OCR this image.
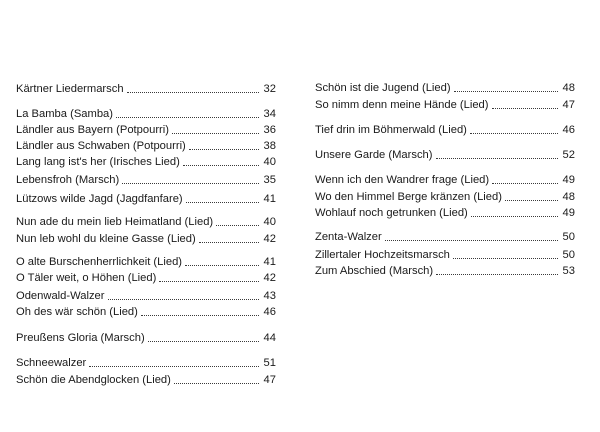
Kärtner Liedermarsch	32
La Bamba (Samba)	34
Ländler aus Bayern (Potpourri)	36
Ländler aus Schwaben (Potpourri)	38
Lang lang ist's her (Irisches Lied)	40
Lebensfroh (Marsch)	35
Lützows wilde Jagd (Jagdfanfare)	41
Nun ade du mein lieb Heimatland (Lied)	40
Nun leb wohl du kleine Gasse (Lied)	42
O alte Burschenherrlichkeit (Lied)	41
O Täler weit, o Höhen (Lied)	42
Odenwald-Walzer	43
Oh des wär schön (Lied)	46
Preußens Gloria (Marsch)	44
Schneewalzer	51
Schön die Abendglocken (Lied)	47
Schön ist die Jugend (Lied)	48
So nimm denn meine Hände (Lied)	47
Tief drin im Böhmerwald (Lied)	46
Unsere Garde (Marsch)	52
Wenn ich den Wandrer frage (Lied)	49
Wo den Himmel Berge kränzen (Lied)	48
Wohlauf noch getrunken (Lied)	49
Zenta-Walzer	50
Zillertaler Hochzeitsmarsch	50
Zum Abschied (Marsch)	53
